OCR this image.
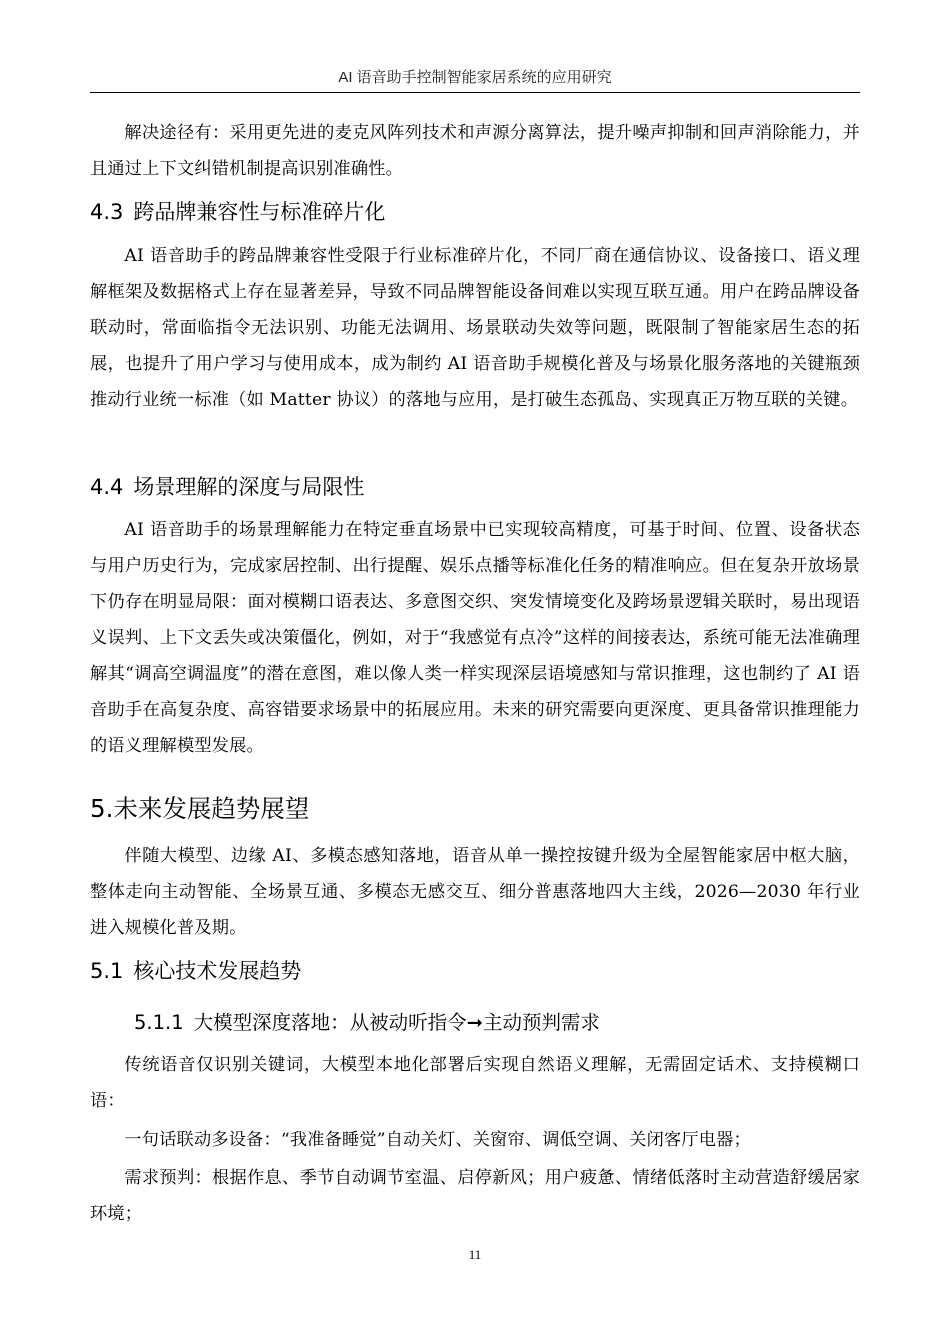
AI 语音助手控制智能家居系统的应用研究

解决途径有：采用更先进的麦克风阵列技术和声源分离算法，提升噪声抑制和回声消除能力，并且通过上下文纠错机制提高识别准确性。

4.3 跨品牌兼容性与标准碎片化

AI 语音助手的跨品牌兼容性受限于行业标准碎片化，不同厂商在通信协议、设备接口、语义理解框架及数据格式上存在显著差异，导致不同品牌智能设备间难以实现互联互通。用户在跨品牌设备联动时，常面临指令无法识别、功能无法调用、场景联动失效等问题，既限制了智能家居生态的拓展，也提升了用户学习与使用成本，成为制约 AI 语音助手规模化普及与场景化服务落地的关键瓶颈推动行业统一标准（如 Matter 协议）的落地与应用，是打破生态孤岛、实现真正万物互联的关键。

4.4 场景理解的深度与局限性

AI 语音助手的场景理解能力在特定垂直场景中已实现较高精度，可基于时间、位置、设备状态与用户历史行为，完成家居控制、出行提醒、娱乐点播等标准化任务的精准响应。但在复杂开放场景下仍存在明显局限：面对模糊口语表达、多意图交织、突发情境变化及跨场景逻辑关联时，易出现语义误判、上下文丢失或决策僵化，例如，对于“我感觉有点冷”这样的间接表达，系统可能无法准确理解其“调高空调温度”的潜在意图，难以像人类一样实现深层语境感知与常识推理，这也制约了 AI 语音助手在高复杂度、高容错要求场景中的拓展应用。未来的研究需要向更深度、更具备常识推理能力的语义理解模型发展。

5.未来发展趋势展望

伴随大模型、边缘 AI、多模态感知落地，语音从单一操控按键升级为全屋智能家居中枢大脑，整体走向主动智能、全场景互通、多模态无感交互、细分普惠落地四大主线，2026—2030 年行业进入规模化普及期。

5.1 核心技术发展趋势
5.1.1 大模型深度落地：从被动听指令➞主动预判需求

传统语音仅识别关键词，大模型本地化部署后实现自然语义理解，无需固定话术、支持模糊口语：

一句话联动多设备：“我准备睡觉”自动关灯、关窗帘、调低空调、关闭客厅电器；

需求预判：根据作息、季节自动调节室温、启停新风；用户疲惫、情绪低落时主动营造舒缓居家环境；

11
